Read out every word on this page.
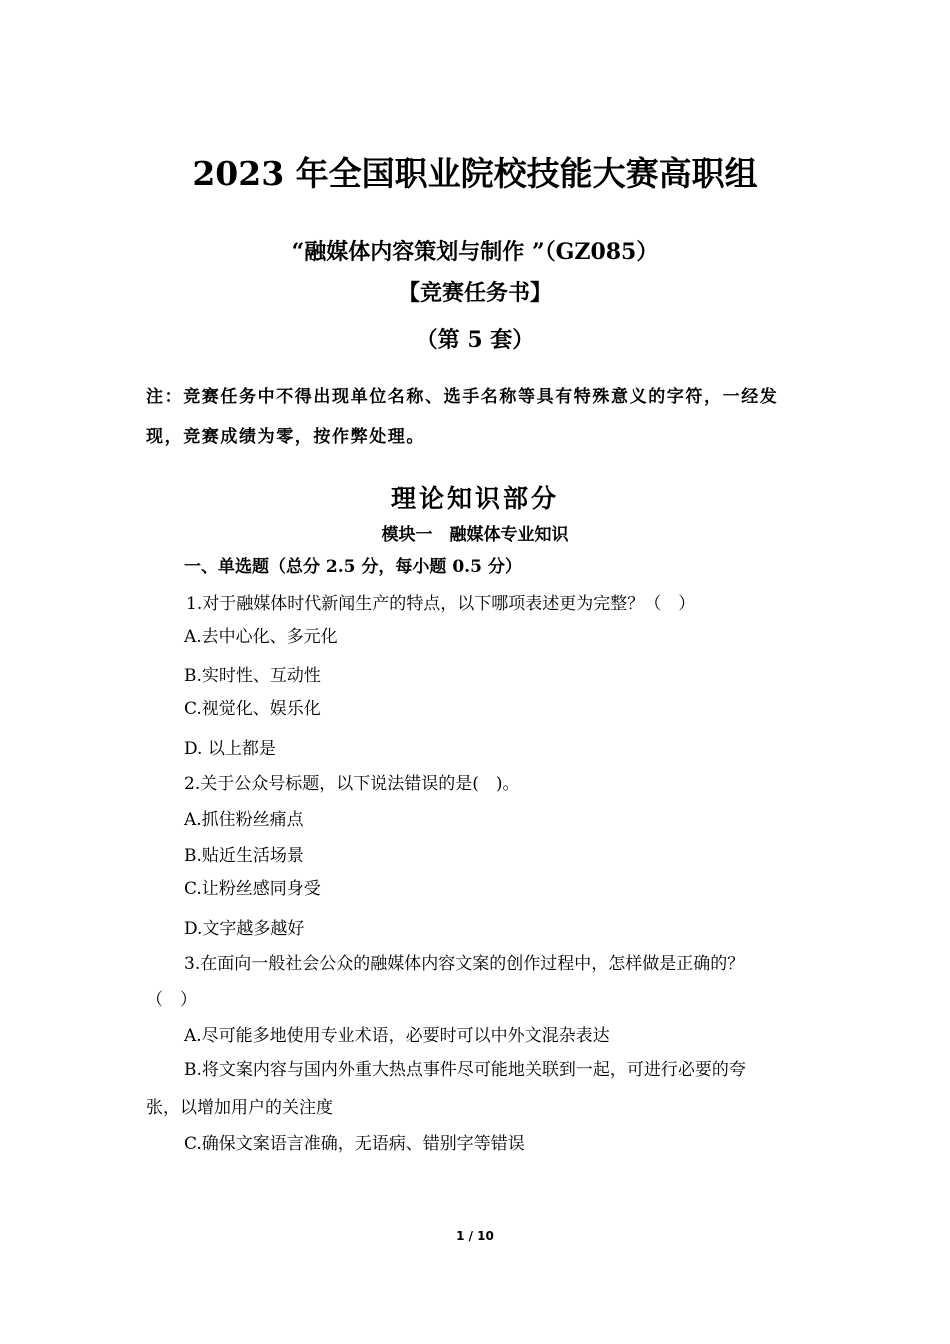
2023 年全国职业院校技能大赛高职组
“融媒体内容策划与制作 ”（GZ085）
【竞赛任务书】
（第 5 套）
注：竞赛任务中不得出现单位名称、选手名称等具有特殊意义的字符，一经发现，竞赛成绩为零，按作弊处理。
理论知识部分
模块一　融媒体专业知识
一、单选题（总分 2.5 分，每小题 0.5 分）
1.对于融媒体时代新闻生产的特点，以下哪项表述更为完整？（　）
A.去中心化、多元化
B.实时性、互动性
C.视觉化、娱乐化
D. 以上都是
2.关于公众号标题，以下说法错误的是(　)。
A.抓住粉丝痛点
B.贴近生活场景
C.让粉丝感同身受
D.文字越多越好
3.在面向一般社会公众的融媒体内容文案的创作过程中，怎样做是正确的？
（　）
A.尽可能多地使用专业术语，必要时可以中外文混杂表达
B.将文案内容与国内外重大热点事件尽可能地关联到一起，可进行必要的夸
张，以增加用户的关注度
C.确保文案语言准确，无语病、错别字等错误
1 / 10
